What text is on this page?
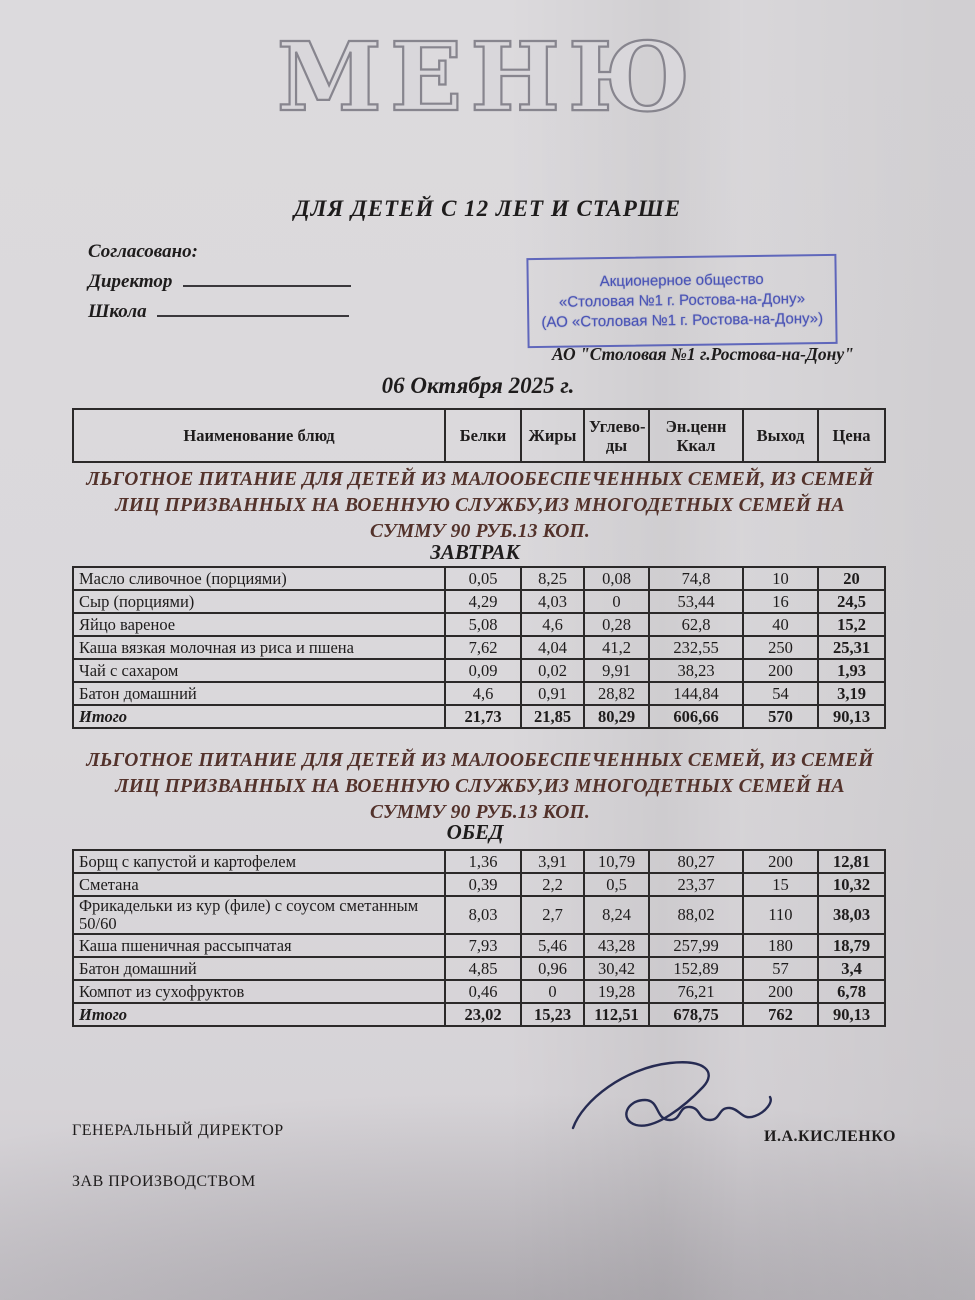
МЕНЮ
ДЛЯ ДЕТЕЙ С 12 ЛЕТ И СТАРШЕ
Согласовано:
Директор
Школа
Акционерное общество
«Столовая №1 г. Ростова-на-Дону»
(АО «Столовая №1 г. Ростова-на-Дону»)
АО "Столовая №1 г.Ростова-на-Дону"
06 Октября 2025 г.
Наименование блюд	Белки	Жиры	Углево-ды	Эн.ценн Ккал	Выход	Цена
ЛЬГОТНОЕ ПИТАНИЕ ДЛЯ ДЕТЕЙ ИЗ МАЛООБЕСПЕЧЕННЫХ СЕМЕЙ, ИЗ СЕМЕЙ ЛИЦ ПРИЗВАННЫХ НА ВОЕННУЮ СЛУЖБУ,ИЗ МНОГОДЕТНЫХ СЕМЕЙ НА СУММУ 90 РУБ.13 КОП.
ЗАВТРАК
Масло сливочное (порциями)	0,05	8,25	0,08	74,8	10	20
Сыр (порциями)	4,29	4,03	0	53,44	16	24,5
Яйцо вареное	5,08	4,6	0,28	62,8	40	15,2
Каша вязкая молочная из риса и пшена	7,62	4,04	41,2	232,55	250	25,31
Чай с сахаром	0,09	0,02	9,91	38,23	200	1,93
Батон домашний	4,6	0,91	28,82	144,84	54	3,19
Итого	21,73	21,85	80,29	606,66	570	90,13
ЛЬГОТНОЕ ПИТАНИЕ ДЛЯ ДЕТЕЙ ИЗ МАЛООБЕСПЕЧЕННЫХ СЕМЕЙ, ИЗ СЕМЕЙ ЛИЦ ПРИЗВАННЫХ НА ВОЕННУЮ СЛУЖБУ,ИЗ МНОГОДЕТНЫХ СЕМЕЙ НА СУММУ 90 РУБ.13 КОП.
ОБЕД
Борщ с капустой и картофелем	1,36	3,91	10,79	80,27	200	12,81
Сметана	0,39	2,2	0,5	23,37	15	10,32
Фрикадельки из кур (филе) с соусом сметанным 50/60	8,03	2,7	8,24	88,02	110	38,03
Каша пшеничная рассыпчатая	7,93	5,46	43,28	257,99	180	18,79
Батон домашний	4,85	0,96	30,42	152,89	57	3,4
Компот из сухофруктов	0,46	0	19,28	76,21	200	6,78
Итого	23,02	15,23	112,51	678,75	762	90,13
ГЕНЕРАЛЬНЫЙ ДИРЕКТОР	И.А.КИСЛЕНКО
ЗАВ ПРОИЗВОДСТВОМ
